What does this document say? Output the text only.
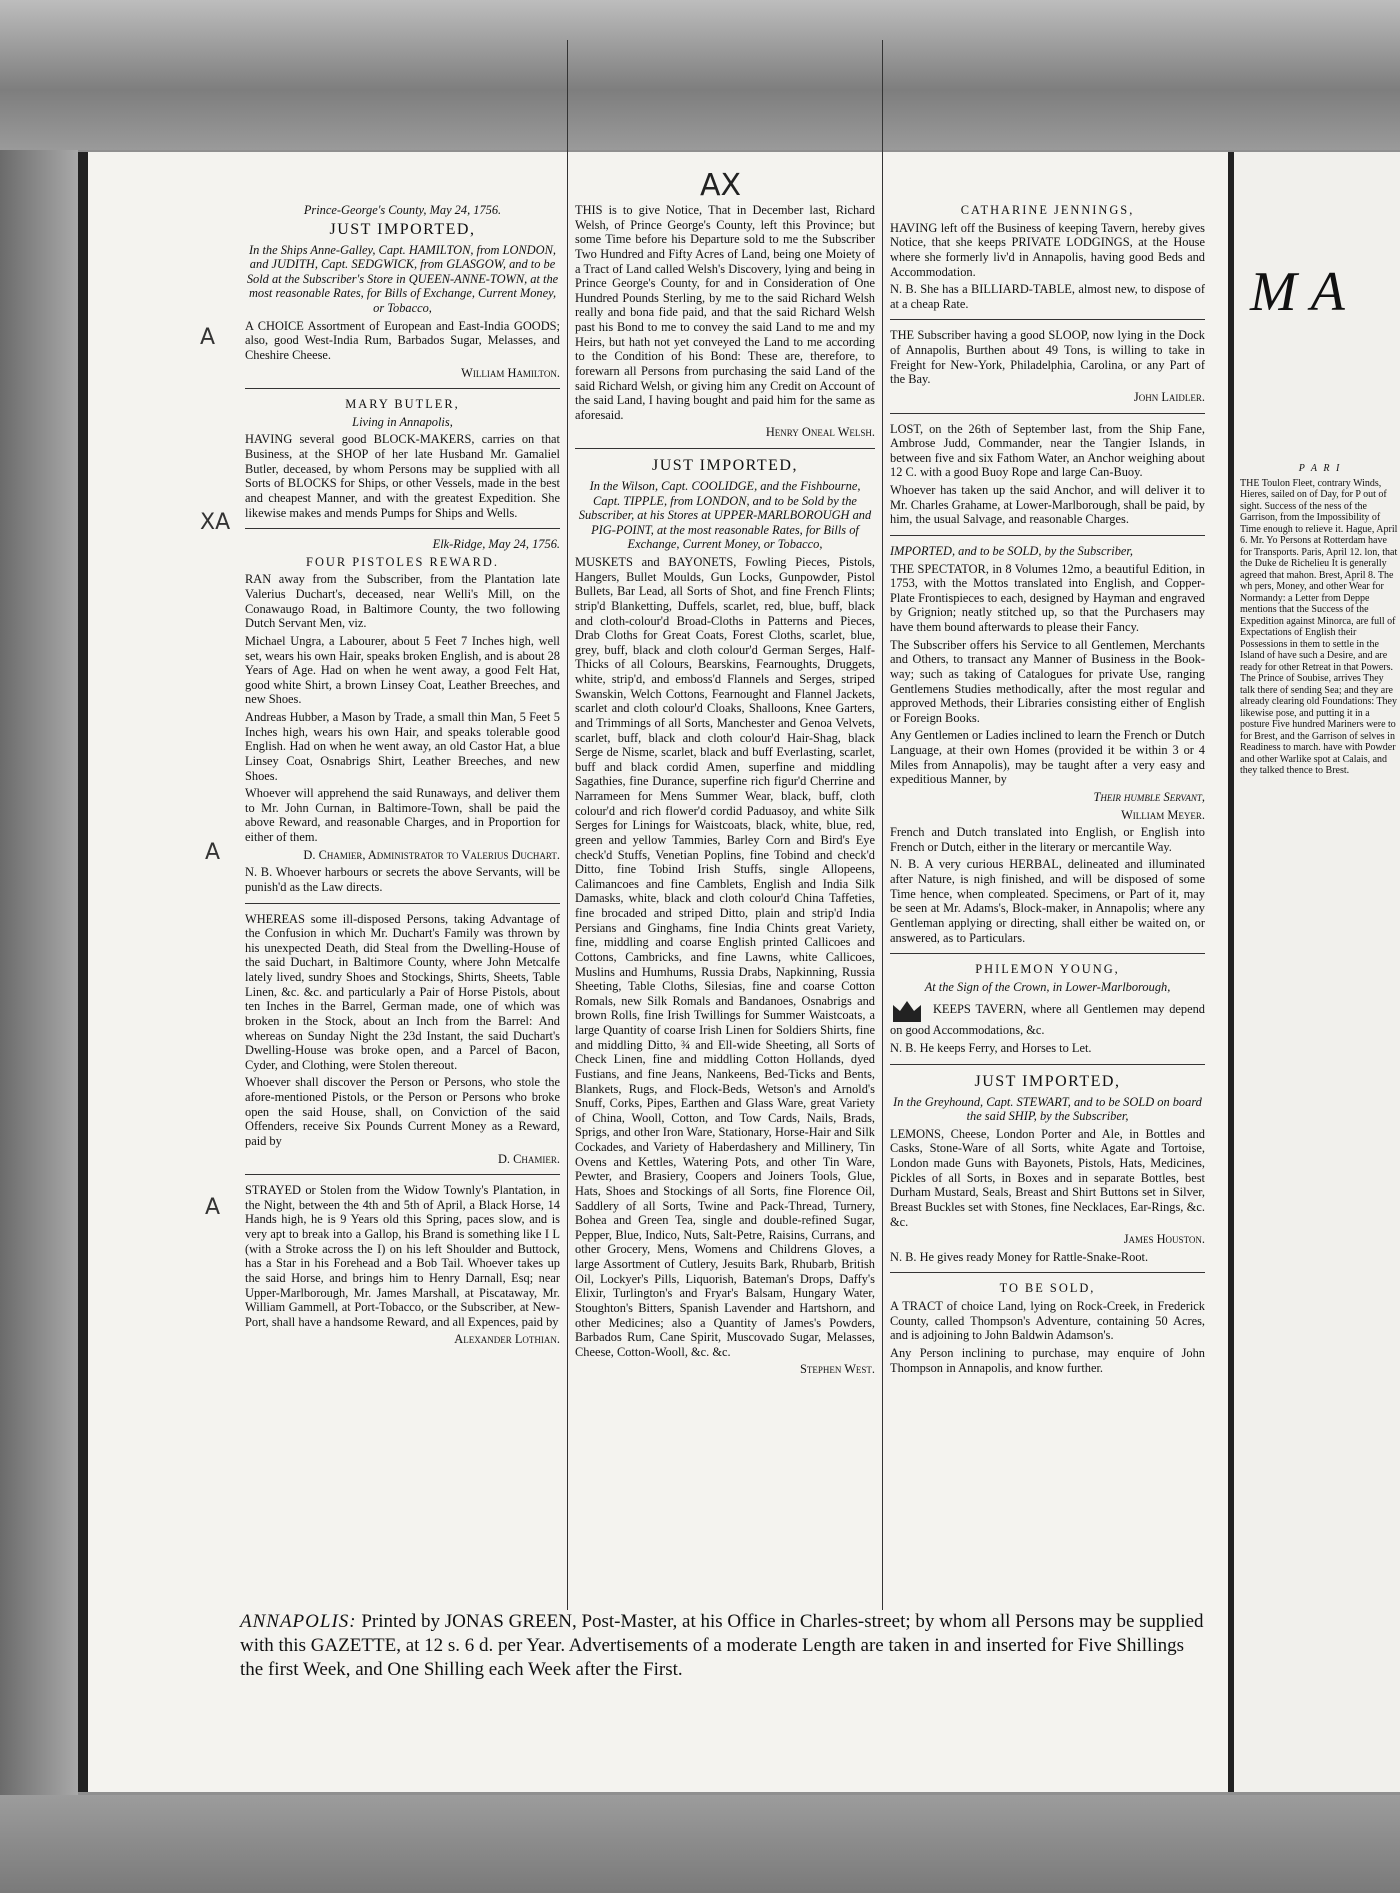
AX
A
XA
A
A

Prince-George's County, May 24, 1756.

JUST IMPORTED,

In the Ships Anne-Galley, Capt. HAMILTON, from LONDON, and JUDITH, Capt. SEDGWICK, from GLASGOW, and to be Sold at the Subscriber's Store in QUEEN-ANNE-TOWN, at the most reasonable Rates, for Bills of Exchange, Current Money, or Tobacco,

A CHOICE Assortment of European and East-India GOODS; also, good West-India Rum, Barbados Sugar, Melasses, and Cheshire Cheese.

William Hamilton.

MARY BUTLER,

Living in Annapolis,

HAVING several good BLOCK-MAKERS, carries on that Business, at the SHOP of her late Husband Mr. Gamaliel Butler, deceased, by whom Persons may be supplied with all Sorts of BLOCKS for Ships, or other Vessels, made in the best and cheapest Manner, and with the greatest Expedition. She likewise makes and mends Pumps for Ships and Wells.

Elk-Ridge, May 24, 1756.

FOUR PISTOLES REWARD.

RAN away from the Subscriber, from the Plantation late Valerius Duchart's, deceased, near Welli's Mill, on the Conawaugo Road, in Baltimore County, the two following Dutch Servant Men, viz.

Michael Ungra, a Labourer, about 5 Feet 7 Inches high, well set, wears his own Hair, speaks broken English, and is about 28 Years of Age. Had on when he went away, a good Felt Hat, good white Shirt, a brown Linsey Coat, Leather Breeches, and new Shoes.

Andreas Hubber, a Mason by Trade, a small thin Man, 5 Feet 5 Inches high, wears his own Hair, and speaks tolerable good English. Had on when he went away, an old Castor Hat, a blue Linsey Coat, Osnabrigs Shirt, Leather Breeches, and new Shoes.

Whoever will apprehend the said Runaways, and deliver them to Mr. John Curnan, in Baltimore-Town, shall be paid the above Reward, and reasonable Charges, and in Proportion for either of them.

D. Chamier, Administrator to Valerius Duchart.

N. B. Whoever harbours or secrets the above Servants, will be punish'd as the Law directs.

WHEREAS some ill-disposed Persons, taking Advantage of the Confusion in which Mr. Duchart's Family was thrown by his unexpected Death, did Steal from the Dwelling-House of the said Duchart, in Baltimore County, where John Metcalfe lately lived, sundry Shoes and Stockings, Shirts, Sheets, Table Linen, &c. &c. and particularly a Pair of Horse Pistols, about ten Inches in the Barrel, German made, one of which was broken in the Stock, about an Inch from the Barrel: And whereas on Sunday Night the 23d Instant, the said Duchart's Dwelling-House was broke open, and a Parcel of Bacon, Cyder, and Clothing, were Stolen thereout.

Whoever shall discover the Person or Persons, who stole the afore-mentioned Pistols, or the Person or Persons who broke open the said House, shall, on Conviction of the said Offenders, receive Six Pounds Current Money as a Reward, paid by

D. Chamier.

STRAYED or Stolen from the Widow Townly's Plantation, in the Night, between the 4th and 5th of April, a Black Horse, 14 Hands high, he is 9 Years old this Spring, paces slow, and is very apt to break into a Gallop, his Brand is something like I L (with a Stroke across the I) on his left Shoulder and Buttock, has a Star in his Forehead and a Bob Tail. Whoever takes up the said Horse, and brings him to Henry Darnall, Esq; near Upper-Marlborough, Mr. James Marshall, at Piscataway, Mr. William Gammell, at Port-Tobacco, or the Subscriber, at New-Port, shall have a handsome Reward, and all Expences, paid by

Alexander Lothian.

THIS is to give Notice, That in December last, Richard Welsh, of Prince George's County, left this Province; but some Time before his Departure sold to me the Subscriber Two Hundred and Fifty Acres of Land, being one Moiety of a Tract of Land called Welsh's Discovery, lying and being in Prince George's County, for and in Consideration of One Hundred Pounds Sterling, by me to the said Richard Welsh really and bona fide paid, and that the said Richard Welsh past his Bond to me to convey the said Land to me and my Heirs, but hath not yet conveyed the Land to me according to the Condition of his Bond: These are, therefore, to forewarn all Persons from purchasing the said Land of the said Richard Welsh, or giving him any Credit on Account of the said Land, I having bought and paid him for the same as aforesaid.

Henry Oneal Welsh.

JUST IMPORTED,

In the Wilson, Capt. COOLIDGE, and the Fishbourne, Capt. TIPPLE, from LONDON, and to be Sold by the Subscriber, at his Stores at UPPER-MARLBOROUGH and PIG-POINT, at the most reasonable Rates, for Bills of Exchange, Current Money, or Tobacco,

MUSKETS and BAYONETS, Fowling Pieces, Pistols, Hangers, Bullet Moulds, Gun Locks, Gunpowder, Pistol Bullets, Bar Lead, all Sorts of Shot, and fine French Flints; strip'd Blanketting, Duffels, scarlet, red, blue, buff, black and cloth-colour'd Broad-Cloths in Patterns and Pieces, Drab Cloths for Great Coats, Forest Cloths, scarlet, blue, grey, buff, black and cloth colour'd German Serges, Half-Thicks of all Colours, Bearskins, Fearnoughts, Druggets, white, strip'd, and emboss'd Flannels and Serges, striped Swanskin, Welch Cottons, Fearnought and Flannel Jackets, scarlet and cloth colour'd Cloaks, Shalloons, Knee Garters, and Trimmings of all Sorts, Manchester and Genoa Velvets, scarlet, buff, black and cloth colour'd Hair-Shag, black Serge de Nisme, scarlet, black and buff Everlasting, scarlet, buff and black cordid Amen, superfine and middling Sagathies, fine Durance, superfine rich figur'd Cherrine and Narrameen for Mens Summer Wear, black, buff, cloth colour'd and rich flower'd cordid Paduasoy, and white Silk Serges for Linings for Waistcoats, black, white, blue, red, green and yellow Tammies, Barley Corn and Bird's Eye check'd Stuffs, Venetian Poplins, fine Tobind and check'd Ditto, fine Tobind Irish Stuffs, single Allopeens, Calimancoes and fine Camblets, English and India Silk Damasks, white, black and cloth colour'd China Taffeties, fine brocaded and striped Ditto, plain and strip'd India Persians and Ginghams, fine India Chints great Variety, fine, middling and coarse English printed Callicoes and Cottons, Cambricks, and fine Lawns, white Callicoes, Muslins and Humhums, Russia Drabs, Napkinning, Russia Sheeting, Table Cloths, Silesias, fine and coarse Cotton Romals, new Silk Romals and Bandanoes, Osnabrigs and brown Rolls, fine Irish Twillings for Summer Waistcoats, a large Quantity of coarse Irish Linen for Soldiers Shirts, fine and middling Ditto, ¾ and Ell-wide Sheeting, all Sorts of Check Linen, fine and middling Cotton Hollands, dyed Fustians, and fine Jeans, Nankeens, Bed-Ticks and Bents, Blankets, Rugs, and Flock-Beds, Wetson's and Arnold's Snuff, Corks, Pipes, Earthen and Glass Ware, great Variety of China, Wooll, Cotton, and Tow Cards, Nails, Brads, Sprigs, and other Iron Ware, Stationary, Horse-Hair and Silk Cockades, and Variety of Haberdashery and Millinery, Tin Ovens and Kettles, Watering Pots, and other Tin Ware, Pewter, and Brasiery, Coopers and Joiners Tools, Glue, Hats, Shoes and Stockings of all Sorts, fine Florence Oil, Saddlery of all Sorts, Twine and Pack-Thread, Turnery, Bohea and Green Tea, single and double-refined Sugar, Pepper, Blue, Indico, Nuts, Salt-Petre, Raisins, Currans, and other Grocery, Mens, Womens and Childrens Gloves, a large Assortment of Cutlery, Jesuits Bark, Rhubarb, British Oil, Lockyer's Pills, Liquorish, Bateman's Drops, Daffy's Elixir, Turlington's and Fryar's Balsam, Hungary Water, Stoughton's Bitters, Spanish Lavender and Hartshorn, and other Medicines; also a Quantity of James's Powders, Barbados Rum, Cane Spirit, Muscovado Sugar, Melasses, Cheese, Cotton-Wooll, &c. &c.

Stephen West.

CATHARINE JENNINGS,

HAVING left off the Business of keeping Tavern, hereby gives Notice, that she keeps PRIVATE LODGINGS, at the House where she formerly liv'd in Annapolis, having good Beds and Accommodation.

N. B. She has a BILLIARD-TABLE, almost new, to dispose of at a cheap Rate.

THE Subscriber having a good SLOOP, now lying in the Dock of Annapolis, Burthen about 49 Tons, is willing to take in Freight for New-York, Philadelphia, Carolina, or any Part of the Bay.

John Laidler.

LOST, on the 26th of September last, from the Ship Fane, Ambrose Judd, Commander, near the Tangier Islands, in between five and six Fathom Water, an Anchor weighing about 12 C. with a good Buoy Rope and large Can-Buoy.

Whoever has taken up the said Anchor, and will deliver it to Mr. Charles Grahame, at Lower-Marlborough, shall be paid, by him, the usual Salvage, and reasonable Charges.

IMPORTED, and to be SOLD, by the Subscriber,

THE SPECTATOR, in 8 Volumes 12mo, a beautiful Edition, in 1753, with the Mottos translated into English, and Copper-Plate Frontispieces to each, designed by Hayman and engraved by Grignion; neatly stitched up, so that the Purchasers may have them bound afterwards to please their Fancy.

The Subscriber offers his Service to all Gentlemen, Merchants and Others, to transact any Manner of Business in the Book-way; such as taking of Catalogues for private Use, ranging Gentlemens Studies methodically, after the most regular and approved Methods, their Libraries consisting either of English or Foreign Books.

Any Gentlemen or Ladies inclined to learn the French or Dutch Language, at their own Homes (provided it be within 3 or 4 Miles from Annapolis), may be taught after a very easy and expeditious Manner, by

Their humble Servant,

William Meyer.

French and Dutch translated into English, or English into French or Dutch, either in the literary or mercantile Way.

N. B. A very curious HERBAL, delineated and illuminated after Nature, is nigh finished, and will be disposed of some Time hence, when compleated. Specimens, or Part of it, may be seen at Mr. Adams's, Block-maker, in Annapolis; where any Gentleman applying or directing, shall either be waited on, or answered, as to Particulars.

PHILEMON YOUNG,

At the Sign of the Crown, in Lower-Marlborough,

KEEPS TAVERN, where all Gentlemen may depend on good Accommodations, &c.

N. B. He keeps Ferry, and Horses to Let.

JUST IMPORTED,

In the Greyhound, Capt. STEWART, and to be SOLD on board the said SHIP, by the Subscriber,

LEMONS, Cheese, London Porter and Ale, in Bottles and Casks, Stone-Ware of all Sorts, white Agate and Tortoise, London made Guns with Bayonets, Pistols, Hats, Medicines, Pickles of all Sorts, in Boxes and in separate Bottles, best Durham Mustard, Seals, Breast and Shirt Buttons set in Silver, Breast Buckles set with Stones, fine Necklaces, Ear-Rings, &c. &c.

James Houston.

N. B. He gives ready Money for Rattle-Snake-Root.

TO BE SOLD,

A TRACT of choice Land, lying on Rock-Creek, in Frederick County, called Thompson's Adventure, containing 50 Acres, and is adjoining to John Baldwin Adamson's.

Any Person inclining to purchase, may enquire of John Thompson in Annapolis, and know further.

ANNAPOLIS: Printed by JONAS GREEN, Post-Master, at his Office in Charles-street; by whom all Persons may be supplied with this GAZETTE, at 12 s. 6 d. per Year. Advertisements of a moderate Length are taken in and inserted for Five Shillings the first Week, and One Shilling each Week after the First.
MA

P A R I

THE Toulon Fleet, contrary Winds, Hieres, sailed on of Day, for P out of sight. Success of the ness of the Garrison, from the Impossibility of Time enough to relieve it. Hague, April 6. Mr. Yo Persons at Rotterdam have for Transports. Paris, April 12. lon, that the Duke de Richelieu It is generally agreed that mahon. Brest, April 8. The wh pers, Money, and other Wear for Normandy: a Letter from Deppe mentions that the Success of the Expedition against Minorca, are full of Expectations of English their Possessions in them to settle in the Island of have such a Desire, and are ready for other Retreat in that Powers. The Prince of Soubise, arrives They talk there of sending Sea; and they are already clearing old Foundations: They likewise pose, and putting it in a posture Five hundred Mariners were to for Brest, and the Garrison of selves in Readiness to march. have with Powder and other Warlike spot at Calais, and they talked thence to Brest.
